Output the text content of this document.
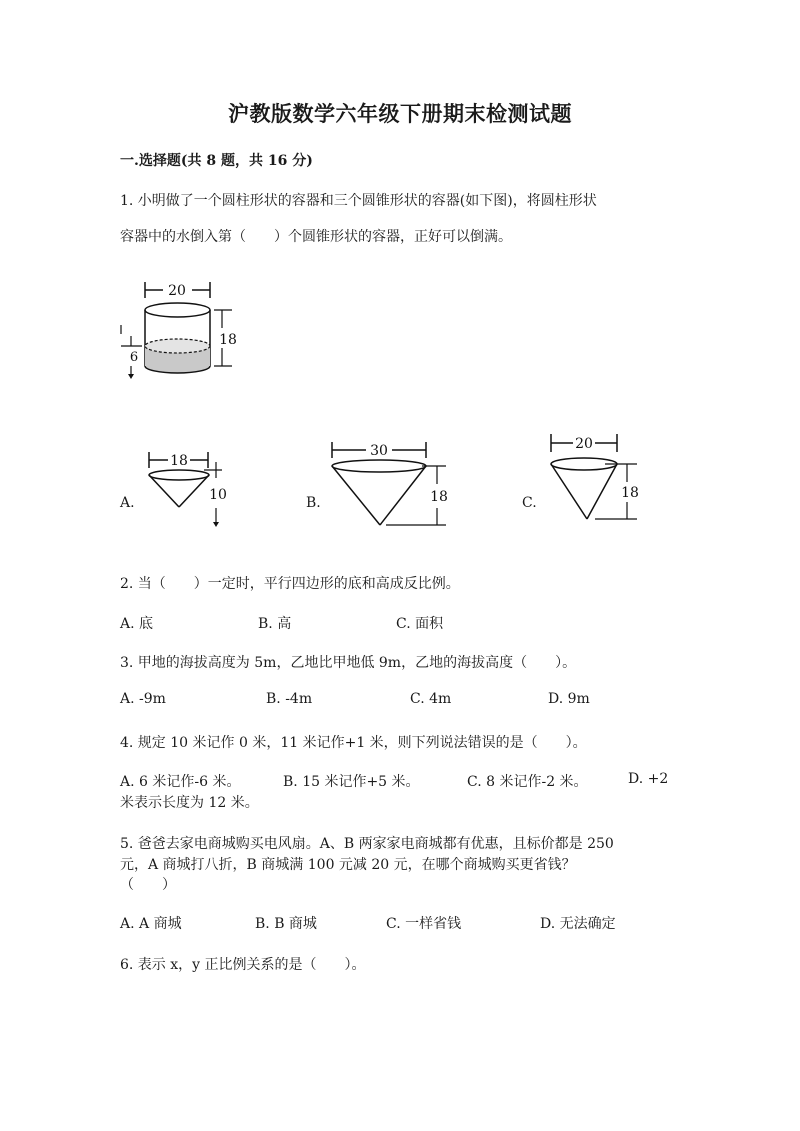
沪教版数学六年级下册期末检测试题
一.选择题(共 8 题，共 16 分)
1. 小明做了一个圆柱形状的容器和三个圆锥形状的容器(如下图)，将圆柱形状
容器中的水倒入第（　　）个圆锥形状的容器，正好可以倒满。
20
18
6
A.
18
10	B.
30
18	C.
20
18
2. 当（　　）一定时，平行四边形的底和高成反比例。
A. 底	B. 高	C. 面积
3. 甲地的海拔高度为 5m，乙地比甲地低 9m，乙地的海拔高度（　　）。
A. -9m	B. -4m	C. 4m	D. 9m
4. 规定 10 米记作 0 米，11 米记作+1 米，则下列说法错误的是（　　）。
A. 6 米记作-6 米。	B. 15 米记作+5 米。	C. 8 米记作-2 米。	D. +2
米表示长度为 12 米。
5. 爸爸去家电商城购买电风扇。A、B 两家家电商城都有优惠，且标价都是 250
元，A 商城打八折，B 商城满 100 元减 20 元，在哪个商城购买更省钱？
（　　）
A. A 商城	B. B 商城	C. 一样省钱	D. 无法确定
6. 表示 x，y 正比例关系的是（　　）。
